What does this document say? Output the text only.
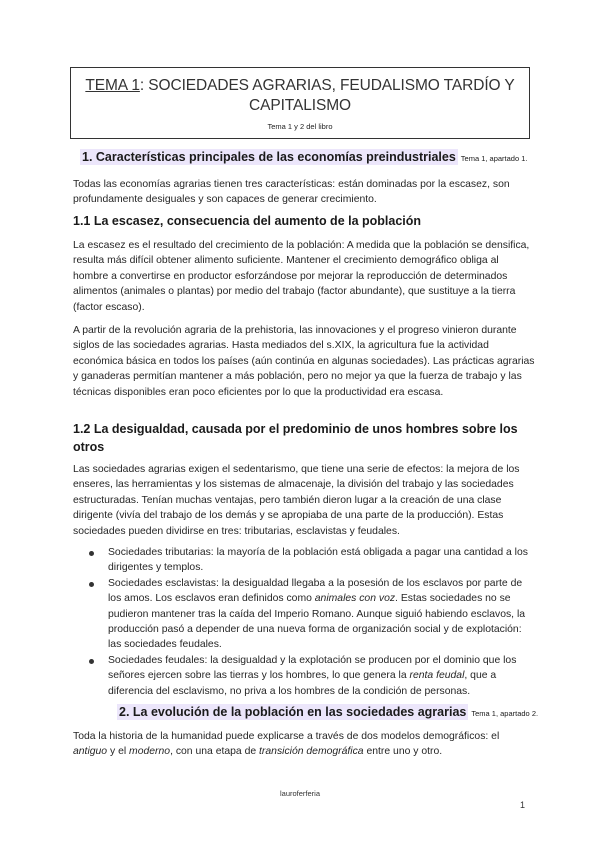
TEMA 1: SOCIEDADES AGRARIAS, FEUDALISMO TARDÍO Y
CAPITALISMO
Tema 1 y 2 del libro
1. Características principales de las economías preindustriales Tema 1, apartado 1.

Todas las economías agrarias tienen tres características: están dominadas por la escasez, son profundamente desiguales y son capaces de generar crecimiento.

1.1 La escasez, consecuencia del aumento de la población

La escasez es el resultado del crecimiento de la población: A medida que la población se densifica, resulta más difícil obtener alimento suficiente. Mantener el crecimiento demográfico obliga al hombre a convertirse en productor esforzándose por mejorar la reproducción de determinados alimentos (animales o plantas) por medio del trabajo (factor abundante), que sustituye a la tierra (factor escaso).

A partir de la revolución agraria de la prehistoria, las innovaciones y el progreso vinieron durante siglos de las sociedades agrarias. Hasta mediados del s.XIX, la agricultura fue la actividad económica básica en todos los países (aún continúa en algunas sociedades). Las prácticas agrarias y ganaderas permitían mantener a más población, pero no mejor ya que la fuerza de trabajo y las técnicas disponibles eran poco eficientes por lo que la productividad era escasa.

1.2 La desigualdad, causada por el predominio de unos hombres sobre los otros

Las sociedades agrarias exigen el sedentarismo, que tiene una serie de efectos: la mejora de los enseres, las herramientas y los sistemas de almacenaje, la división del trabajo y las sociedades estructuradas. Tenían muchas ventajas, pero también dieron lugar a la creación de una clase dirigente (vivía del trabajo de los demás y se apropiaba de una parte de la producción). Estas sociedades pueden dividirse en tres: tributarias, esclavistas y feudales.

Sociedades tributarias: la mayoría de la población está obligada a pagar una cantidad a los dirigentes y templos.
Sociedades esclavistas: la desigualdad llegaba a la posesión de los esclavos por parte de los amos. Los esclavos eran definidos como animales con voz. Estas sociedades no se pudieron mantener tras la caída del Imperio Romano. Aunque siguió habiendo esclavos, la producción pasó a depender de una nueva forma de organización social y de explotación: las sociedades feudales.
Sociedades feudales: la desigualdad y la explotación se producen por el dominio que los señores ejercen sobre las tierras y los hombres, lo que genera la renta feudal, que a diferencia del esclavismo, no priva a los hombres de la condición de personas.
2. La evolución de la población en las sociedades agrarias Tema 1, apartado 2.

Toda la historia de la humanidad puede explicarse a través de dos modelos demográficos: el antiguo y el moderno, con una etapa de transición demográfica entre uno y otro.

lauroferferia
1
